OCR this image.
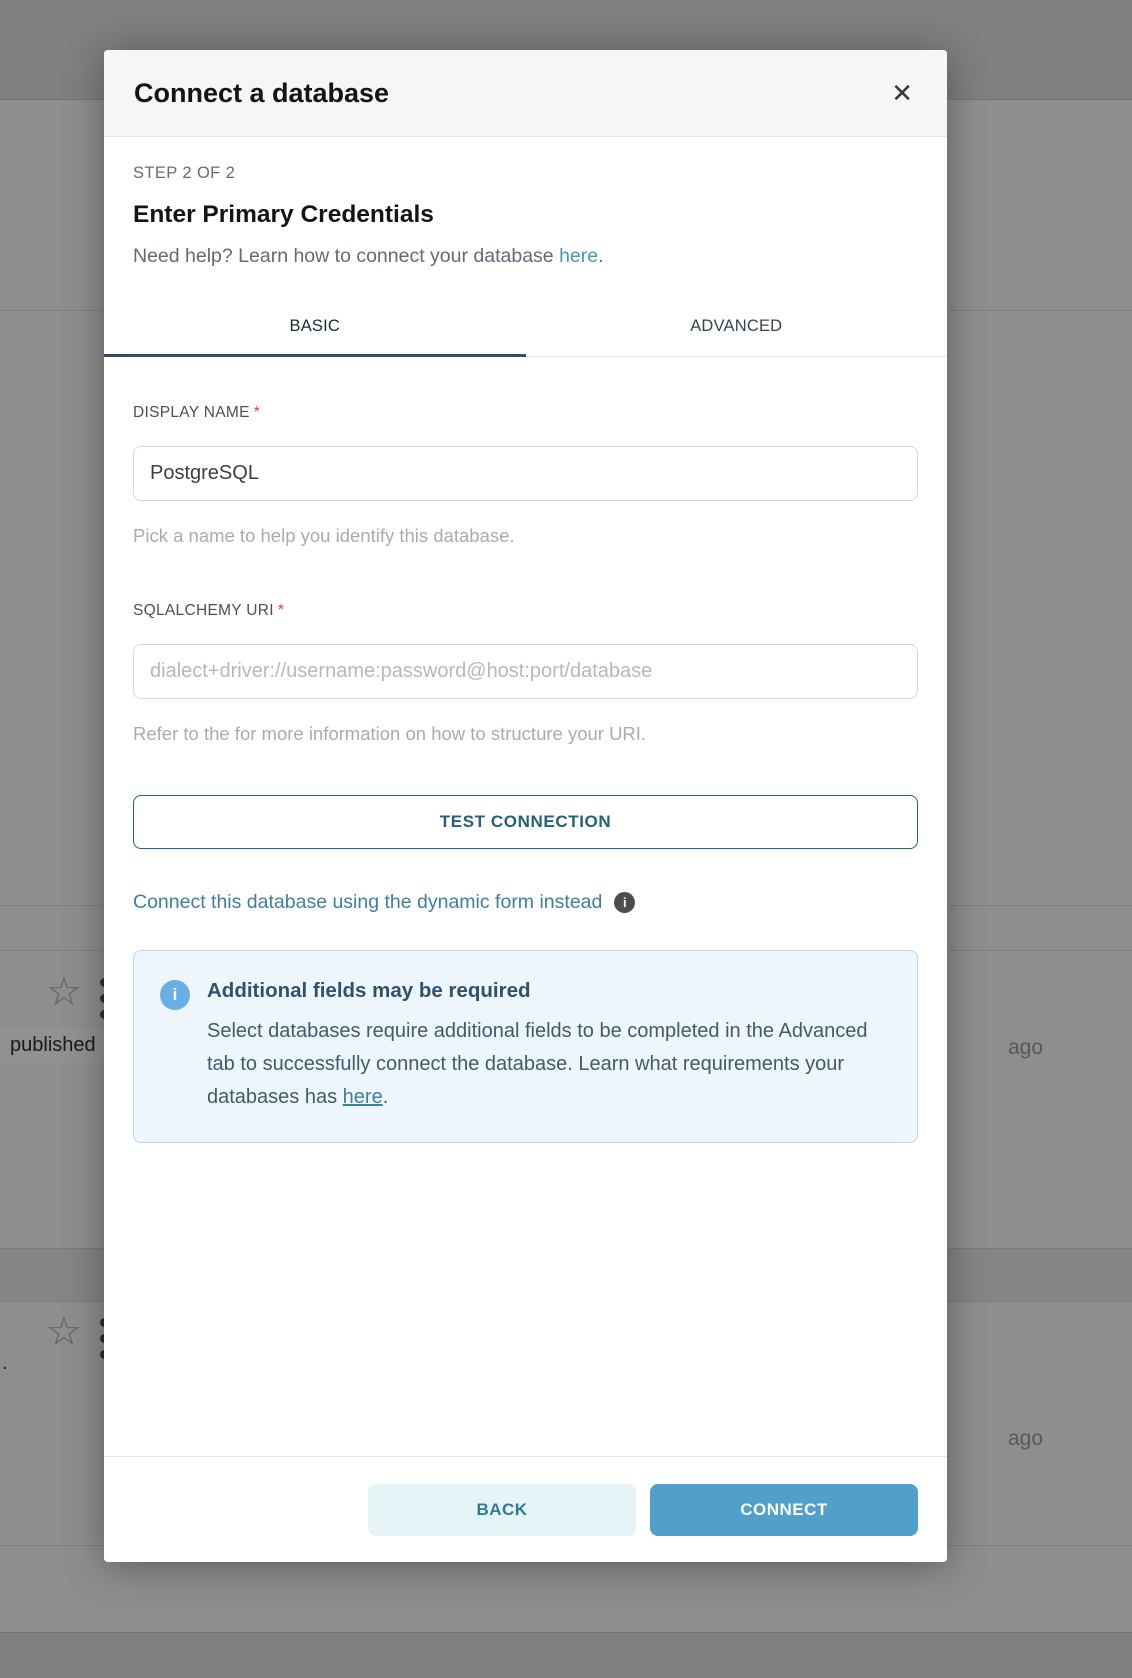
☆
published	ago
.
☆
ago
Connect a database	✕
STEP 2 OF 2
Enter Primary Credentials

Need help? Learn how to connect your database here.

BASIC	ADVANCED
DISPLAY NAME *
PostgreSQL
Pick a name to help you identify this database.
SQLALCHEMY URI *
dialect+driver://username:password@host:port/database
Refer to the for more information on how to structure your URI.
TEST CONNECTION
Connect this database using the dynamic form instead	i
i	Additional fields may be required
Select databases require additional fields to be completed in the Advanced tab to successfully connect the database. Learn what requirements your databases has here.
BACK	CONNECT
